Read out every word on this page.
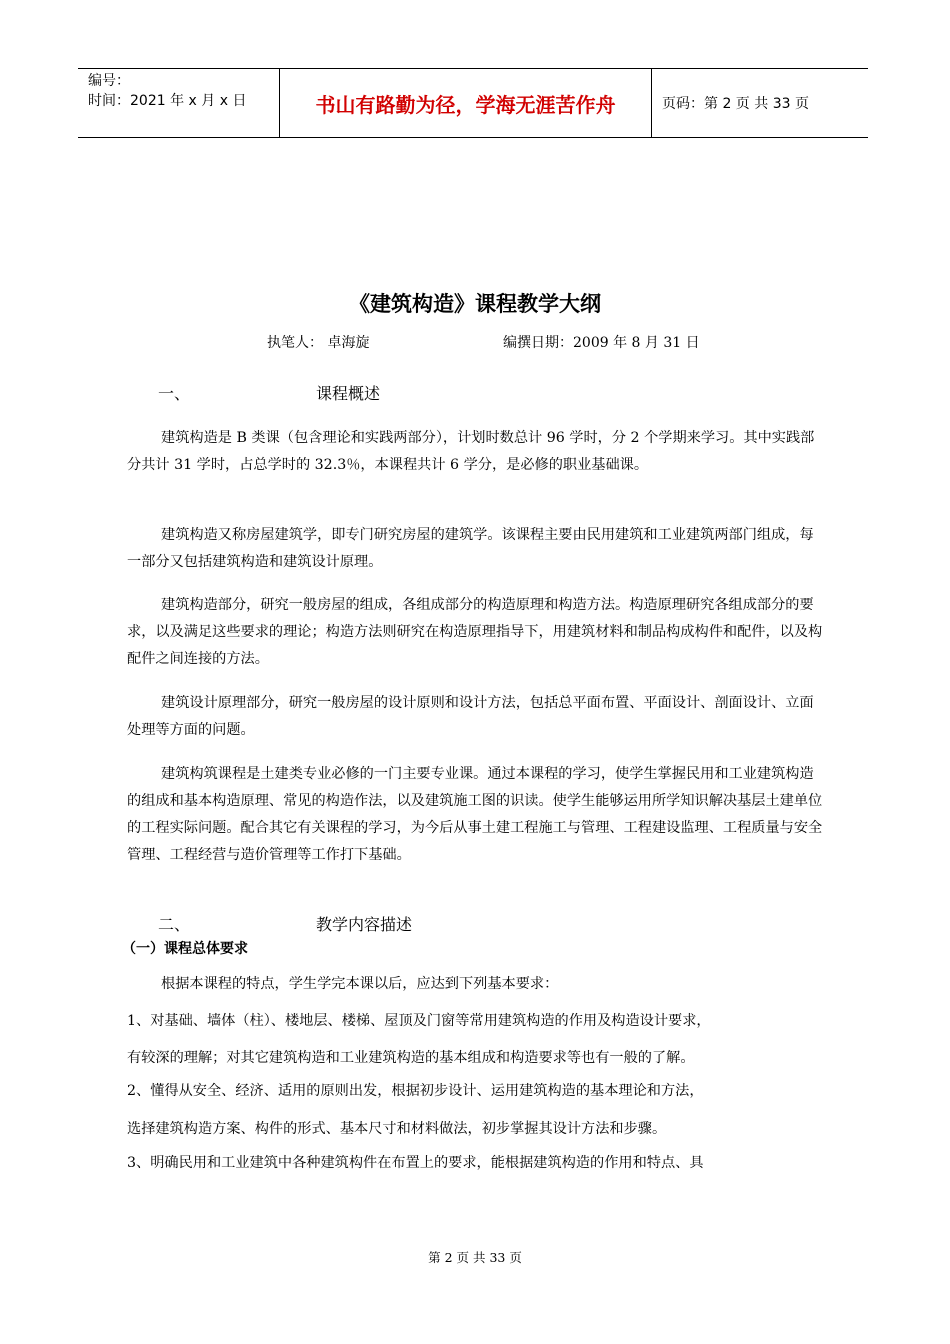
编号：
时间：2021 年 x 月 x 日	书山有路勤为径，学海无涯苦作舟	页码：第 2 页 共 33 页
《建筑构造》课程教学大纲
执笔人： 卓海旋	编撰日期：2009 年 8 月 31 日
一、	课程概述
建筑构造是 B 类课（包含理论和实践两部分），计划时数总计 96 学时，分 2 个学期来学习。其中实践部分共计 31 学时，占总学时的 32.3％，本课程共计 6 学分，是必修的职业基础课。
建筑构造又称房屋建筑学，即专门研究房屋的建筑学。该课程主要由民用建筑和工业建筑两部门组成，每一部分又包括建筑构造和建筑设计原理。
建筑构造部分，研究一般房屋的组成，各组成部分的构造原理和构造方法。构造原理研究各组成部分的要求，以及满足这些要求的理论；构造方法则研究在构造原理指导下，用建筑材料和制品构成构件和配件，以及构配件之间连接的方法。
建筑设计原理部分，研究一般房屋的设计原则和设计方法，包括总平面布置、平面设计、剖面设计、立面处理等方面的问题。
建筑构筑课程是土建类专业必修的一门主要专业课。通过本课程的学习，使学生掌握民用和工业建筑构造的组成和基本构造原理、常见的构造作法，以及建筑施工图的识读。使学生能够运用所学知识解决基层土建单位的工程实际问题。配合其它有关课程的学习，为今后从事土建工程施工与管理、工程建设监理、工程质量与安全管理、工程经营与造价管理等工作打下基础。
二、	教学内容描述
（一）课程总体要求
根据本课程的特点，学生学完本课以后，应达到下列基本要求：
1、对基础、墙体（柱）、楼地层、楼梯、屋顶及门窗等常用建筑构造的作用及构造设计要求，
有较深的理解；对其它建筑构造和工业建筑构造的基本组成和构造要求等也有一般的了解。
2、懂得从安全、经济、适用的原则出发，根据初步设计、运用建筑构造的基本理论和方法，
选择建筑构造方案、构件的形式、基本尺寸和材料做法，初步掌握其设计方法和步骤。
3、明确民用和工业建筑中各种建筑构件在布置上的要求，能根据建筑构造的作用和特点、具
第 2 页 共 33 页
